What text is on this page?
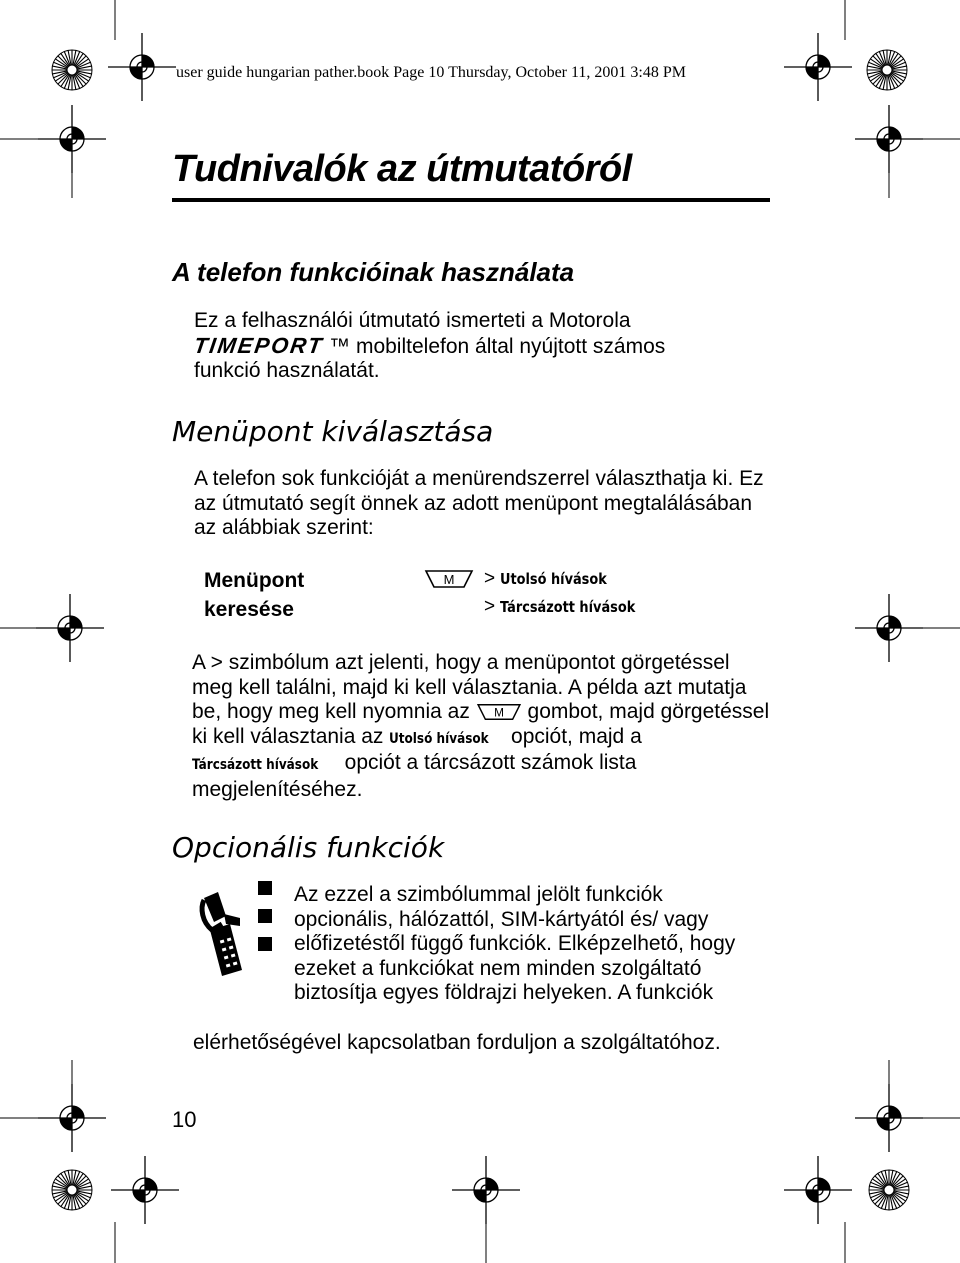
user guide hungarian pather.book Page 10 Thursday, October 11, 2001 3:48 PM
Tudnivalók az útmutatóról
A telefon funkcióinak használata
Ez a felhasználói útmutató ismerteti a Motorola
TIMEPORT ™ mobiltelefon által nyújtott számos
funkció használatát.
Menüpont kiválasztása

A telefon sok funkcióját a menürendszerrel választhatja ki. Ez az útmutató segít önnek az adott menüpont megtalálásában az alábbiak szerint:

Menüpont
keresése
M > Utolsó hívások
> Tárcsázott hívások
A > szimbólum azt jelenti, hogy a menüpontot görgetéssel meg kell találni, majd ki kell választania. A példa azt mutatja be, hogy meg kell nyomnia az M gombot, majd görgetéssel ki kell választania az Utolsó hívások opciót, majd a Tárcsázott hívások opciót a tárcsázott számok lista megjelenítéséhez.
Opcionális funkciók

Az ezzel a szimbólummal jelölt funkciók opcionális, hálózattól, SIM-kártyától és/ vagy előfizetéstől függő funkciók. Elképzelhető, hogy ezeket a funkciókat nem minden szolgáltató biztosítja egyes földrajzi helyeken. A funkciók

elérhetőségével kapcsolatban forduljon a szolgáltatóhoz.

10
